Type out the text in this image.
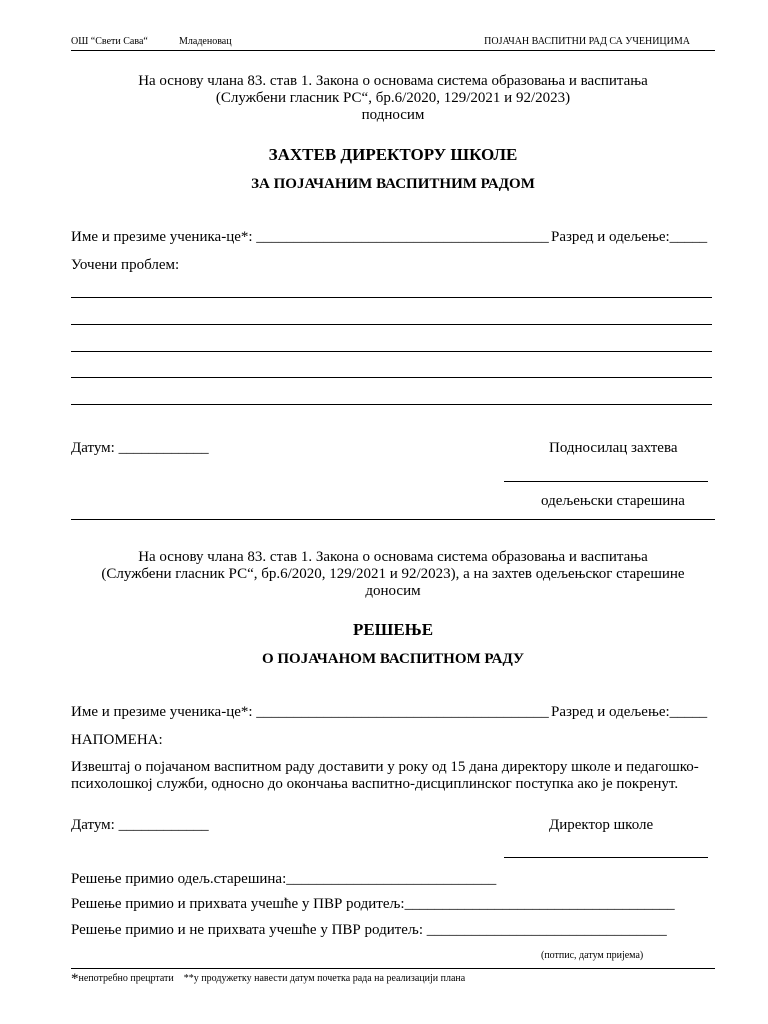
ОШ “Свети Сава“	Младеновац	ПОЈАЧАН ВАСПИТНИ РАД СА УЧЕНИЦИМА
На основу члана 83. став 1. Закона о основама система образовања и васпитања
(Службени гласник РС“, бр.6/2020, 129/2021 и 92/2023)
подносим
ЗАХТЕВ ДИРЕКТОРУ ШКОЛЕ
ЗА ПОЈАЧАНИМ ВАСПИТНИМ РАДОМ
Име и презиме ученика-це*: _______________________________________ Разред и одељење:_____
Уочени проблем:
Датум: ____________	Подносилац захтева
одељењски старешина
На основу члана 83. став 1. Закона о основама система образовања и васпитања
(Службени гласник РС“, бр.6/2020, 129/2021 и 92/2023), а на захтев одељењског старешине
доносим
РЕШЕЊЕ
О ПОЈАЧАНОМ ВАСПИТНОМ РАДУ
Име и презиме ученика-це*: _______________________________________ Разред и одељење:_____
НАПОМЕНА:
Извештај о појачаном васпитном раду доставити у року од 15 дана директору школе и педагошко-
психолошкој служби, односно до окончања васпитно-дисциплинског поступка ако је покренут.
Датум: ____________	Директор школе
Решење примио одељ.старешина:____________________________
Решење примио и прихвата учешће у ПВР родитељ:____________________________________
Решење примио и не прихвата учешће у ПВР родитељ: ________________________________
(потпис, датум пријема)
*непотребно прецртати **у продужетку навести датум почетка рада на реализацији плана
